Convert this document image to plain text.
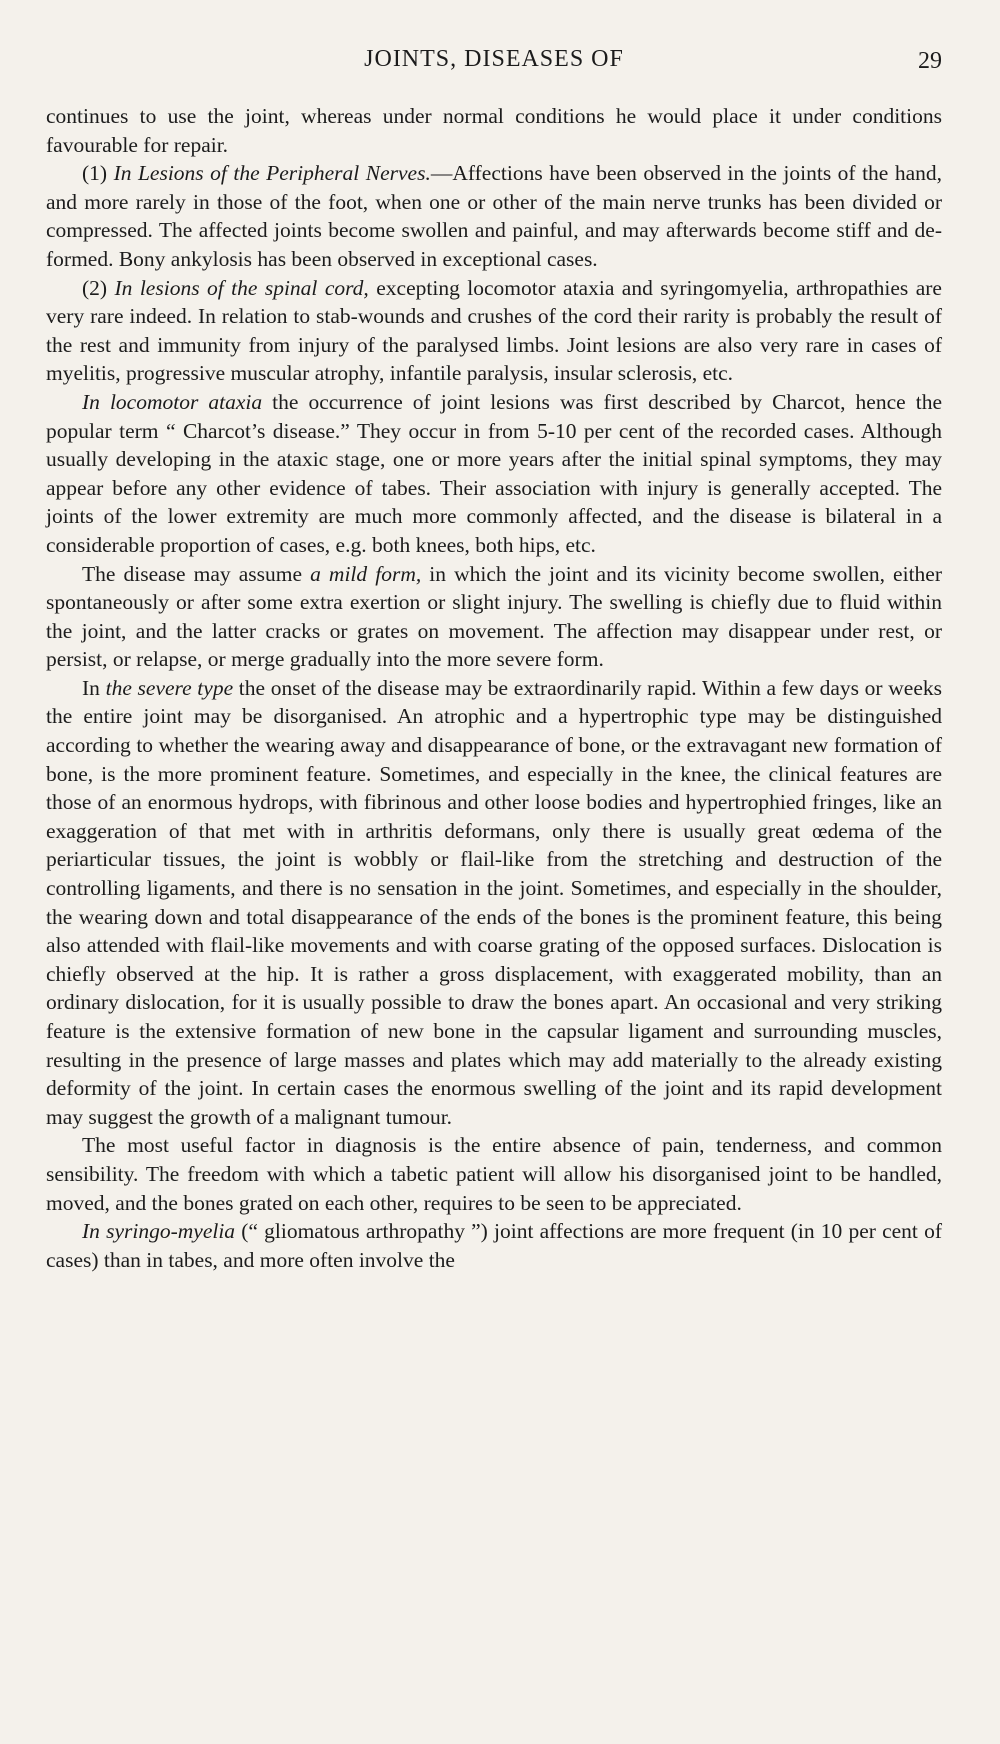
JOINTS, DISEASES OF	29

continues to use the joint, whereas under normal conditions he would place it under conditions favourable for repair.

(1) In Lesions of the Peripheral Nerves.—Affections have been observed in the joints of the hand, and more rarely in those of the foot, when one or other of the main nerve trunks has been divided or compressed. The affected joints become swollen and painful, and may afterwards become stiff and deformed. Bony ankylosis has been observed in exceptional cases.

(2) In lesions of the spinal cord, excepting locomotor ataxia and syringomyelia, arthropathies are very rare indeed. In relation to stab-wounds and crushes of the cord their rarity is probably the result of the rest and immunity from injury of the paralysed limbs. Joint lesions are also very rare in cases of myelitis, progressive muscular atrophy, infantile paralysis, insular sclerosis, etc.

In locomotor ataxia the occurrence of joint lesions was first described by Charcot, hence the popular term “ Charcot’s disease.” They occur in from 5-10 per cent of the recorded cases. Although usually developing in the ataxic stage, one or more years after the initial spinal symptoms, they may appear before any other evidence of tabes. Their association with injury is generally accepted. The joints of the lower extremity are much more commonly affected, and the disease is bilateral in a considerable proportion of cases, e.g. both knees, both hips, etc.

The disease may assume a mild form, in which the joint and its vicinity become swollen, either spontaneously or after some extra exertion or slight injury. The swelling is chiefly due to fluid within the joint, and the latter cracks or grates on movement. The affection may disappear under rest, or persist, or relapse, or merge gradually into the more severe form.

In the severe type the onset of the disease may be extraordinarily rapid. Within a few days or weeks the entire joint may be disorganised. An atrophic and a hypertrophic type may be distinguished according to whether the wearing away and disappearance of bone, or the extravagant new formation of bone, is the more prominent feature. Sometimes, and especially in the knee, the clinical features are those of an enormous hydrops, with fibrinous and other loose bodies and hypertrophied fringes, like an exaggeration of that met with in arthritis deformans, only there is usually great œdema of the periarticular tissues, the joint is wobbly or flail-like from the stretching and destruction of the controlling ligaments, and there is no sensation in the joint. Sometimes, and especially in the shoulder, the wearing down and total disappearance of the ends of the bones is the prominent feature, this being also attended with flail-like movements and with coarse grating of the opposed surfaces. Dislocation is chiefly observed at the hip. It is rather a gross displacement, with exaggerated mobility, than an ordinary dislocation, for it is usually possible to draw the bones apart. An occasional and very striking feature is the extensive formation of new bone in the capsular ligament and surrounding muscles, resulting in the presence of large masses and plates which may add materially to the already existing deformity of the joint. In certain cases the enormous swelling of the joint and its rapid development may suggest the growth of a malignant tumour.

The most useful factor in diagnosis is the entire absence of pain, tenderness, and common sensibility. The freedom with which a tabetic patient will allow his disorganised joint to be handled, moved, and the bones grated on each other, requires to be seen to be appreciated.

In syringo-myelia (“ gliomatous arthropathy ”) joint affections are more frequent (in 10 per cent of cases) than in tabes, and more often involve the
